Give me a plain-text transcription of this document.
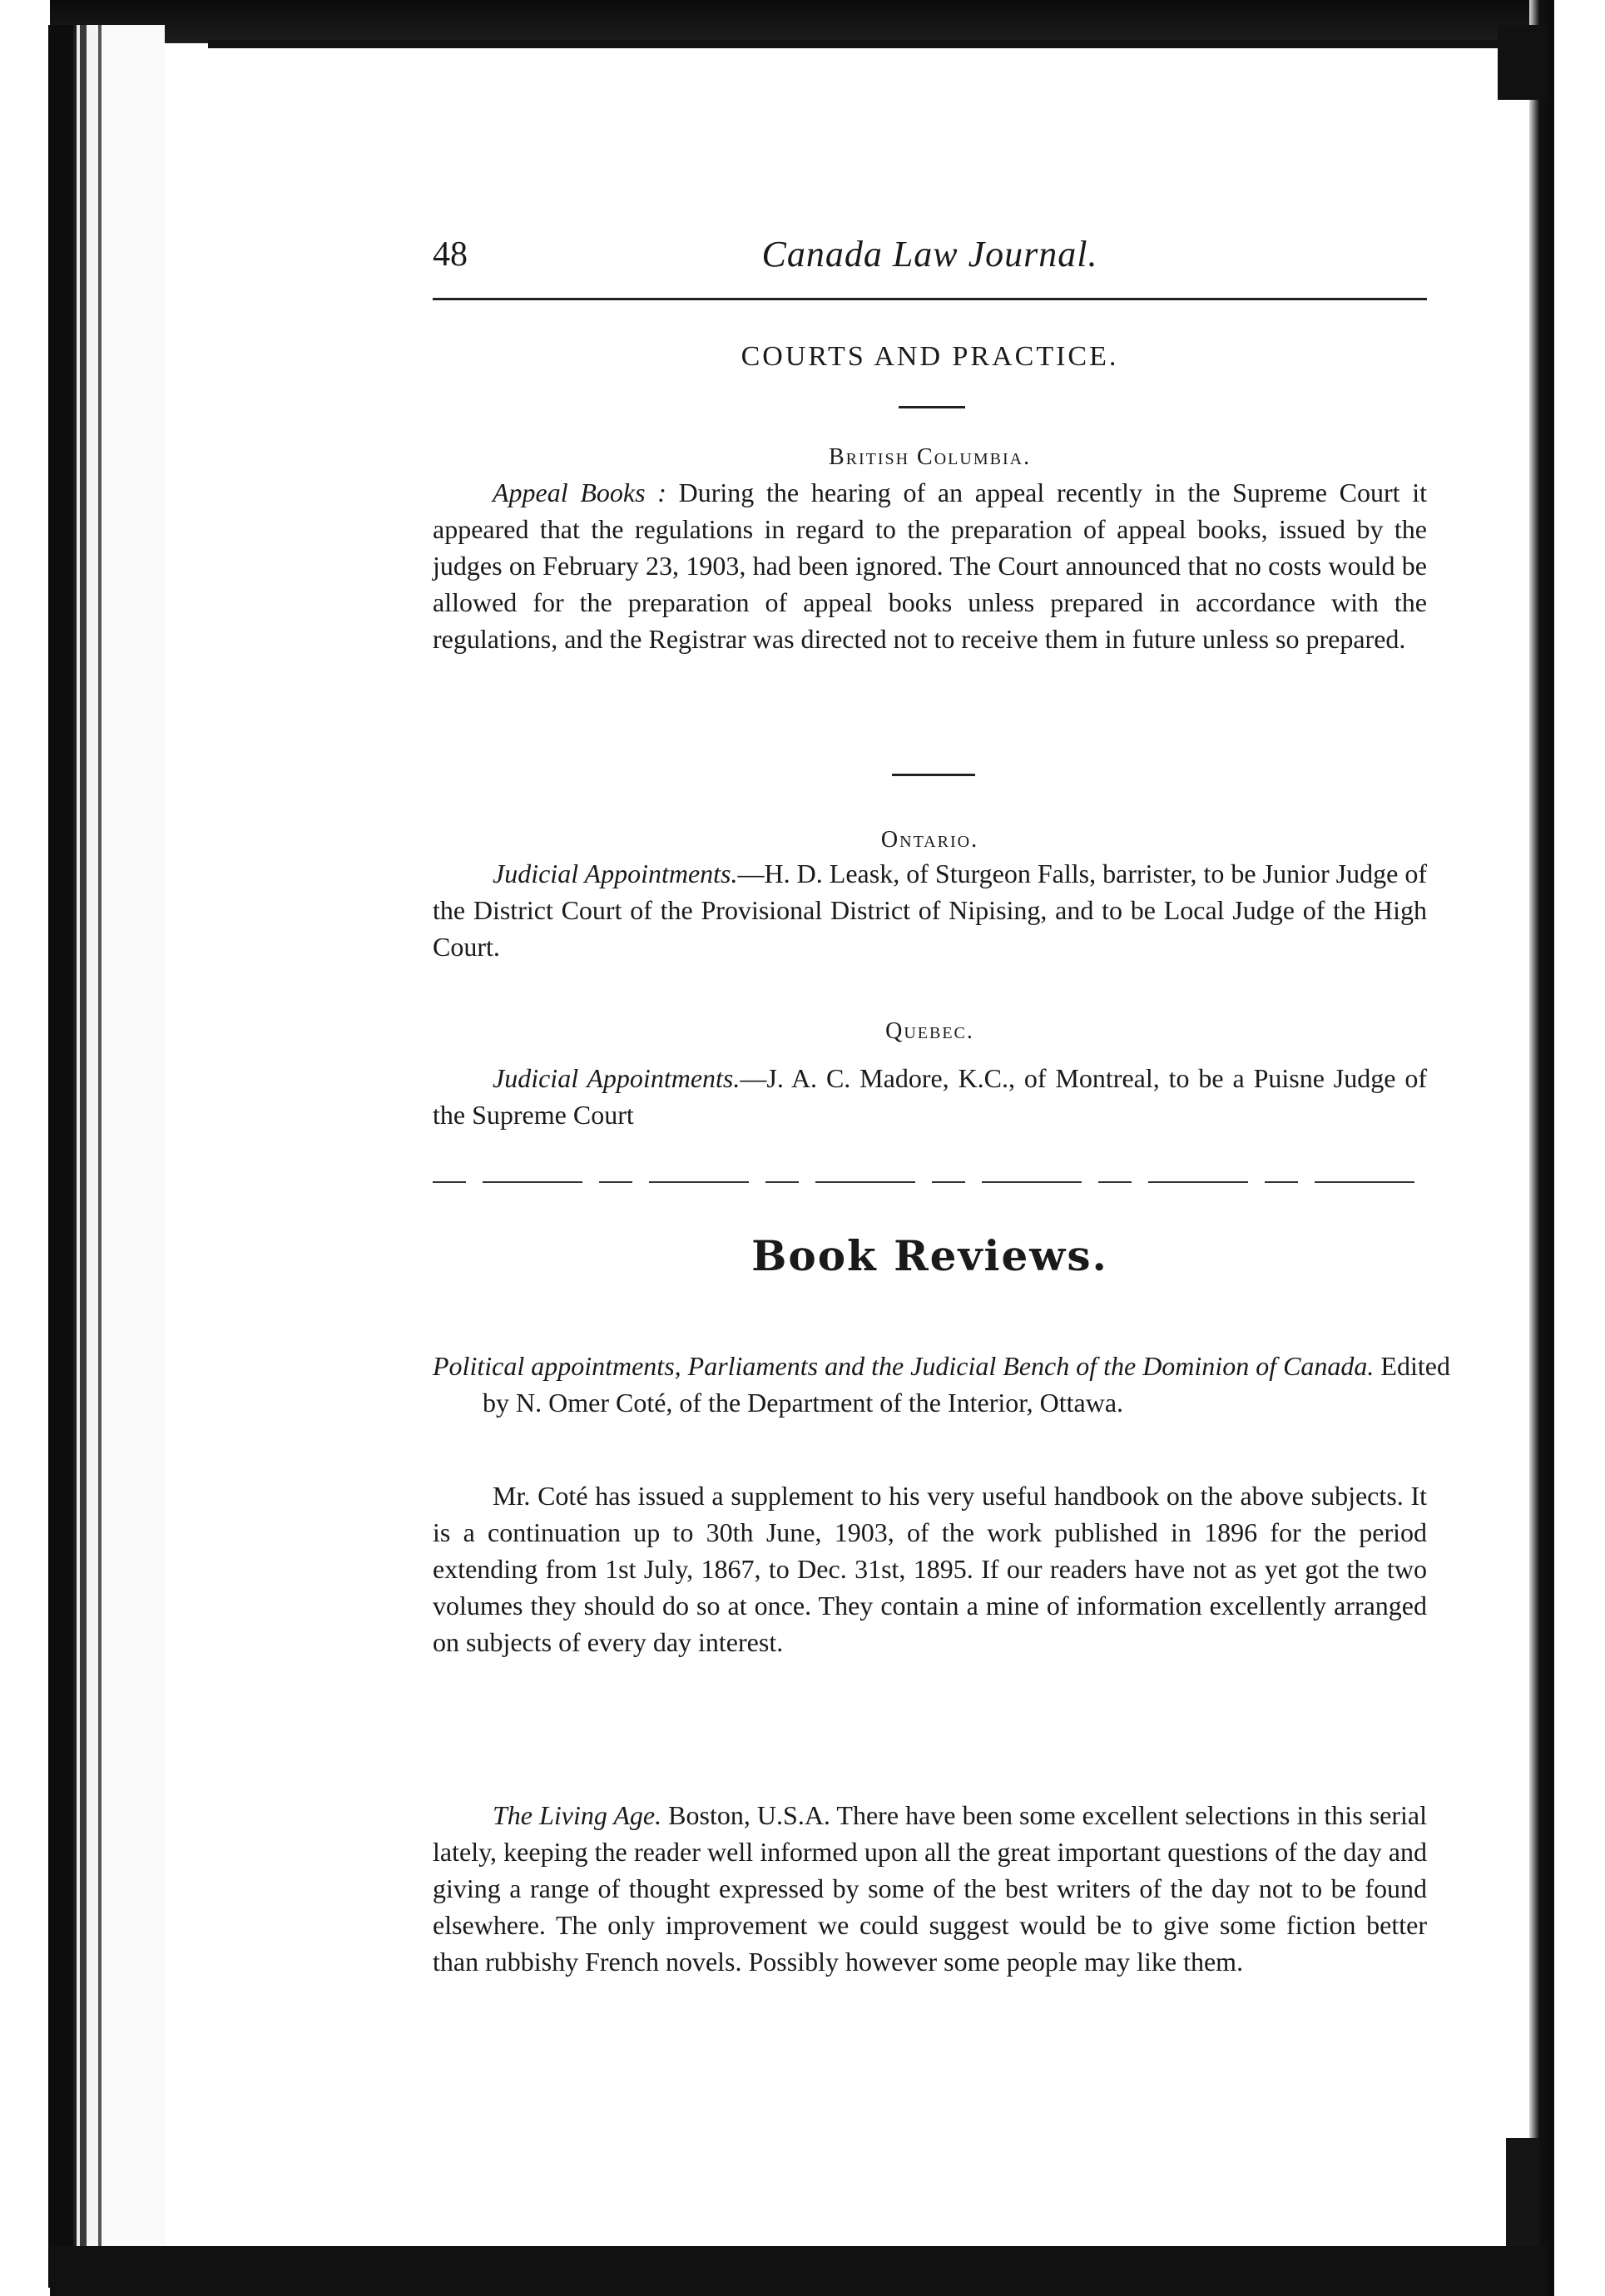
48	Canada Law Journal.
COURTS AND PRACTICE.
British Columbia.

Appeal Books : During the hearing of an appeal recently in the Supreme Court it appeared that the regulations in regard to the preparation of appeal books, issued by the judges on February 23, 1903, had been ignored. The Court announced that no costs would be allowed for the preparation of appeal books unless prepared in accordance with the regulations, and the Registrar was directed not to receive them in future unless so prepared.

Ontario.

Judicial Appointments.—H. D. Leask, of Sturgeon Falls, barrister, to be Junior Judge of the District Court of the Provisional District of Nipising, and to be Local Judge of the High Court.

Quebec.

Judicial Appointments.—J. A. C. Madore, K.C., of Montreal, to be a Puisne Judge of the Supreme Court

Book Reviews.

Political appointments, Parliaments and the Judicial Bench of the Dominion of Canada. Edited by N. Omer Coté, of the Department of the Interior, Ottawa.

Mr. Coté has issued a supplement to his very useful handbook on the above subjects. It is a continuation up to 30th June, 1903, of the work published in 1896 for the period extending from 1st July, 1867, to Dec. 31st, 1895. If our readers have not as yet got the two volumes they should do so at once. They contain a mine of information excellently arranged on subjects of every day interest.

The Living Age. Boston, U.S.A. There have been some excellent selections in this serial lately, keeping the reader well informed upon all the great important questions of the day and giving a range of thought expressed by some of the best writers of the day not to be found elsewhere. The only improvement we could suggest would be to give some fiction better than rubbishy French novels. Possibly however some people may like them.
